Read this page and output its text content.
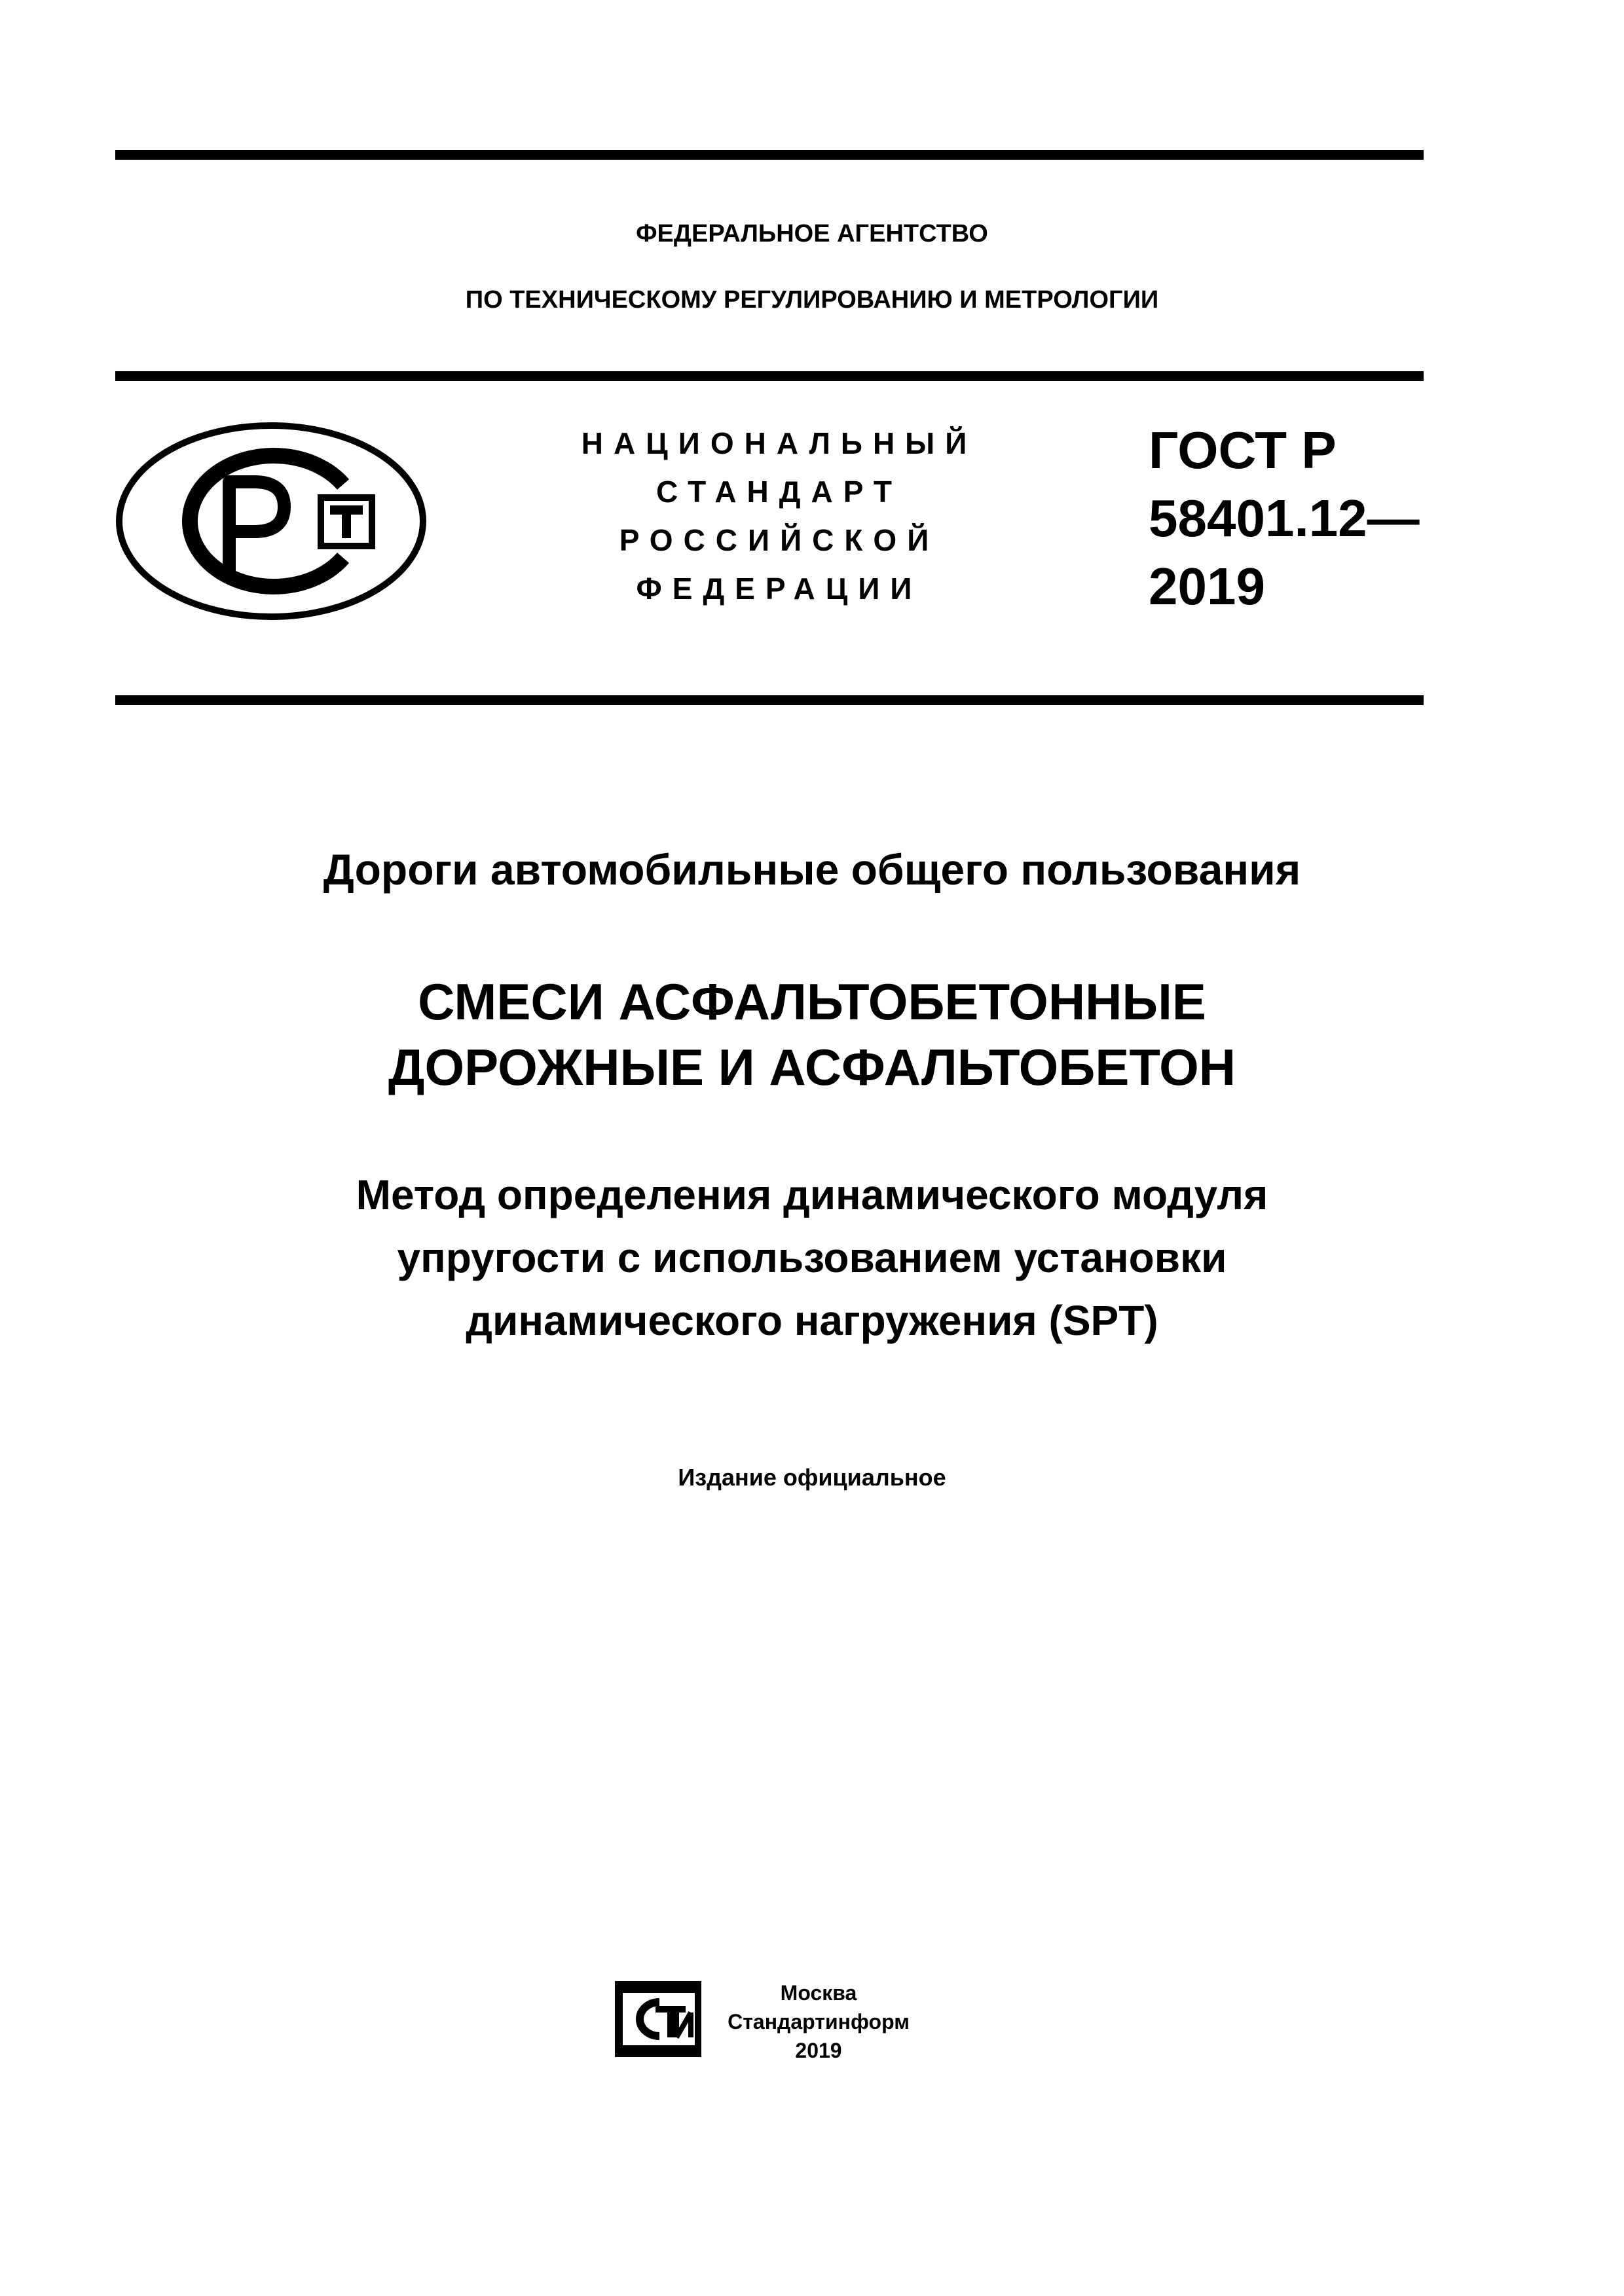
ФЕДЕРАЛЬНОЕ АГЕНТСТВО
ПО ТЕХНИЧЕСКОМУ РЕГУЛИРОВАНИЮ И МЕТРОЛОГИИ
НАЦИОНАЛЬНЫЙ
СТАНДАРТ
РОССИЙСКОЙ
ФЕДЕРАЦИИ
ГОСТ Р
58401.12—
2019
Дороги автомобильные общего пользования
СМЕСИ АСФАЛЬТОБЕТОННЫЕ
ДОРОЖНЫЕ И АСФАЛЬТОБЕТОН
Метод определения динамического модуля
упругости с использованием установки
динамического нагружения (SPT)
Издание официальное
Москва
Стандартинформ
2019
